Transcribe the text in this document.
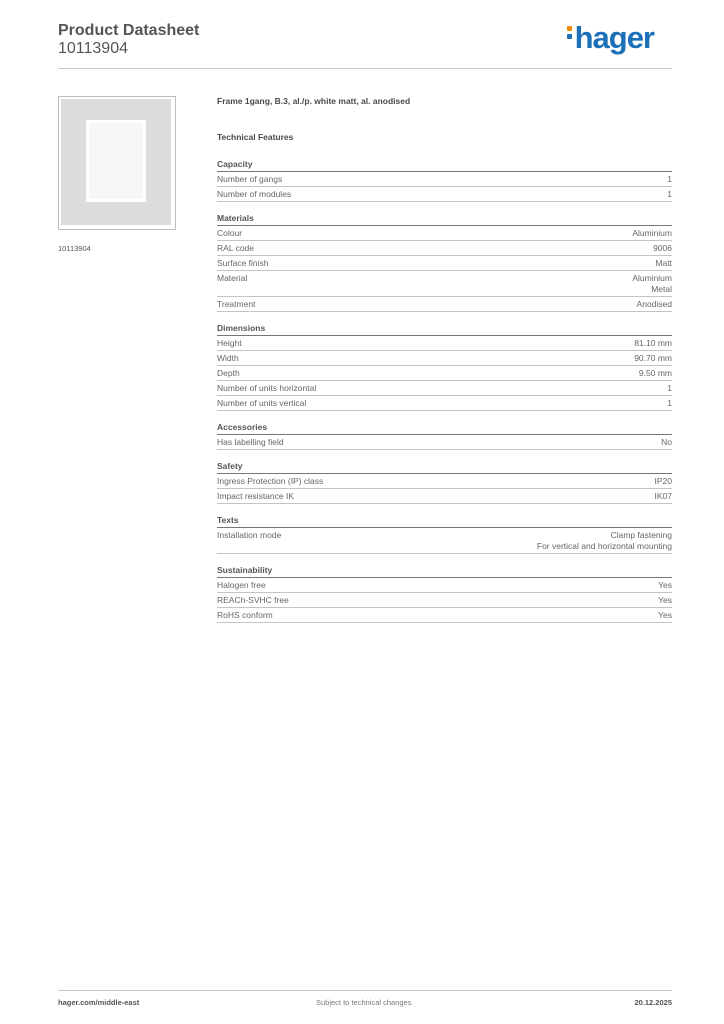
Product Datasheet
10113904	hager
10113904
Frame 1gang, B.3, al./p. white matt, al. anodised
Technical Features
Capacity
Number of gangs	1
Number of modules	1
Materials
Colour	Aluminium
RAL code	9006
Surface finish	Matt
Material	Aluminium
Metal
Treatment	Anodised
Dimensions
Height	81.10 mm
Width	90.70 mm
Depth	9.50 mm
Number of units horizontal	1
Number of units vertical	1
Accessories
Has labelling field	No
Safety
Ingress Protection (IP) class	IP20
Impact resistance IK	IK07
Texts
Installation mode	Clamp fastening
For vertical and horizontal mounting
Sustainability
Halogen free	Yes
REACh-SVHC free	Yes
RoHS conform	Yes
hager.com/middle-east	Subject to technical changes	20.12.2025
